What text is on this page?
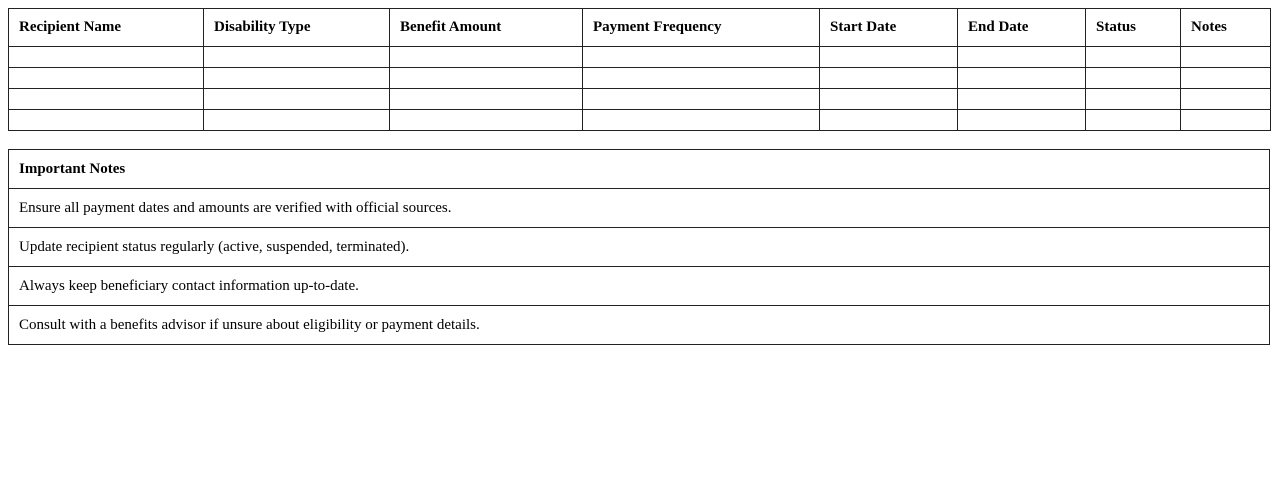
Recipient Name	Disability Type	Benefit Amount	Payment Frequency	Start Date	End Date	Status	Notes

Important Notes
Ensure all payment dates and amounts are verified with official sources.
Update recipient status regularly (active, suspended, terminated).
Always keep beneficiary contact information up-to-date.
Consult with a benefits advisor if unsure about eligibility or payment details.
